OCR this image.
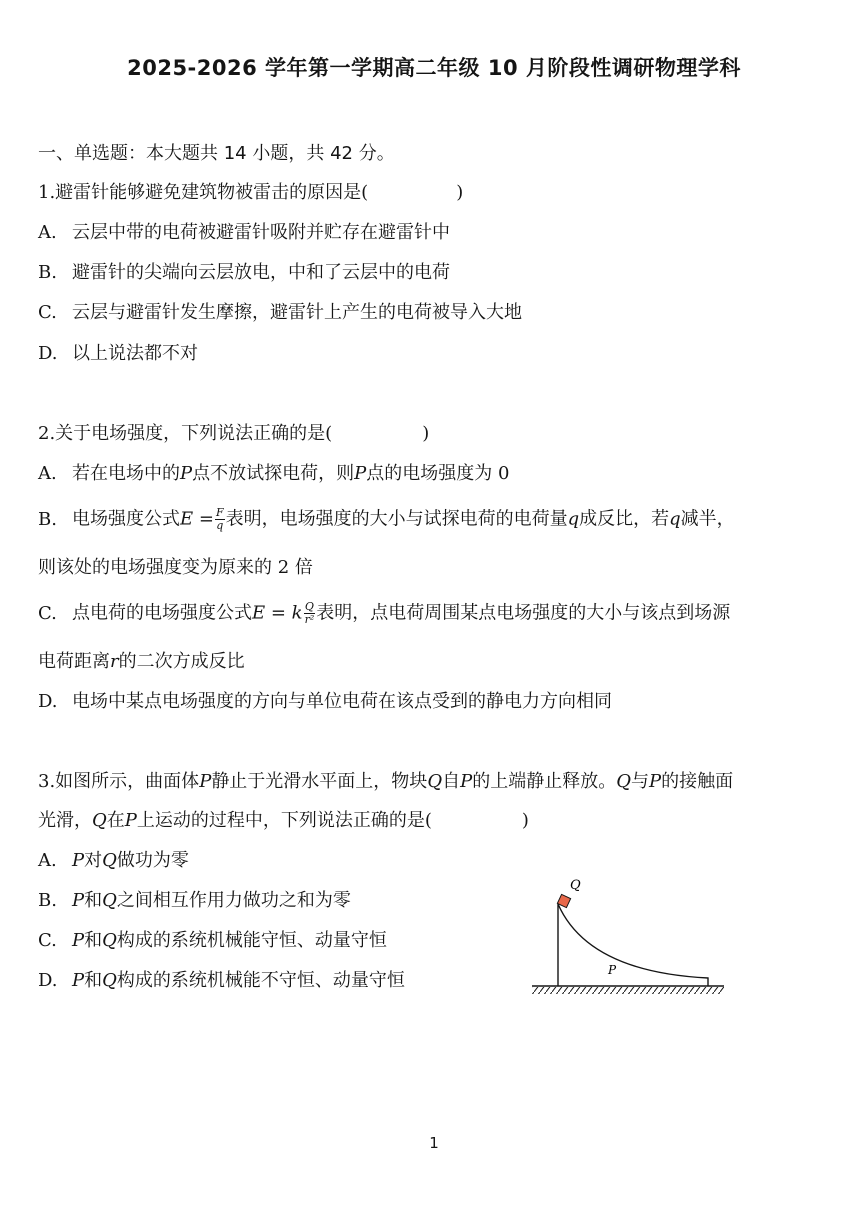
2025-2026 学年第一学期高二年级 10 月阶段性调研物理学科
一、单选题：本大题共 14 小题，共 42 分。
1.避雷针能够避免建筑物被雷击的原因是(	)
A. 云层中带的电荷被避雷针吸附并贮存在避雷针中
B. 避雷针的尖端向云层放电，中和了云层中的电荷
C. 云层与避雷针发生摩擦，避雷针上产生的电荷被导入大地
D. 以上说法都不对
2.关于电场强度，下列说法正确的是(	)
A. 若在电场中的P点不放试探电荷，则P点的电场强度为 0
B. 电场强度公式$E = \frac{F}{q}$ 表明，电场强度的大小与试探电荷的电荷量q成反比，若q减半，
则该处的电场强度变为原来的 2 倍
C. 点电荷的电场强度公式E = k $\frac{Q}{\text{r²}}$ 表明，点电荷周围某点电场强度的大小与该点到场源
电荷距离r的二次方成反比
D. 电场中某点电场强度的方向与单位电荷在该点受到的静电力方向相同
3.如图所示，曲面体P静止于光滑水平面上，物块Q自P的上端静止释放。Q与P的接触面
光滑，Q在P上运动的过程中，下列说法正确的是(	)
A. P对Q做功为零
B. P和Q之间相互作用力做功之和为零
C. P和Q构成的系统机械能守恒、动量守恒
D. P和Q构成的系统机械能不守恒、动量守恒
Q
P
1
